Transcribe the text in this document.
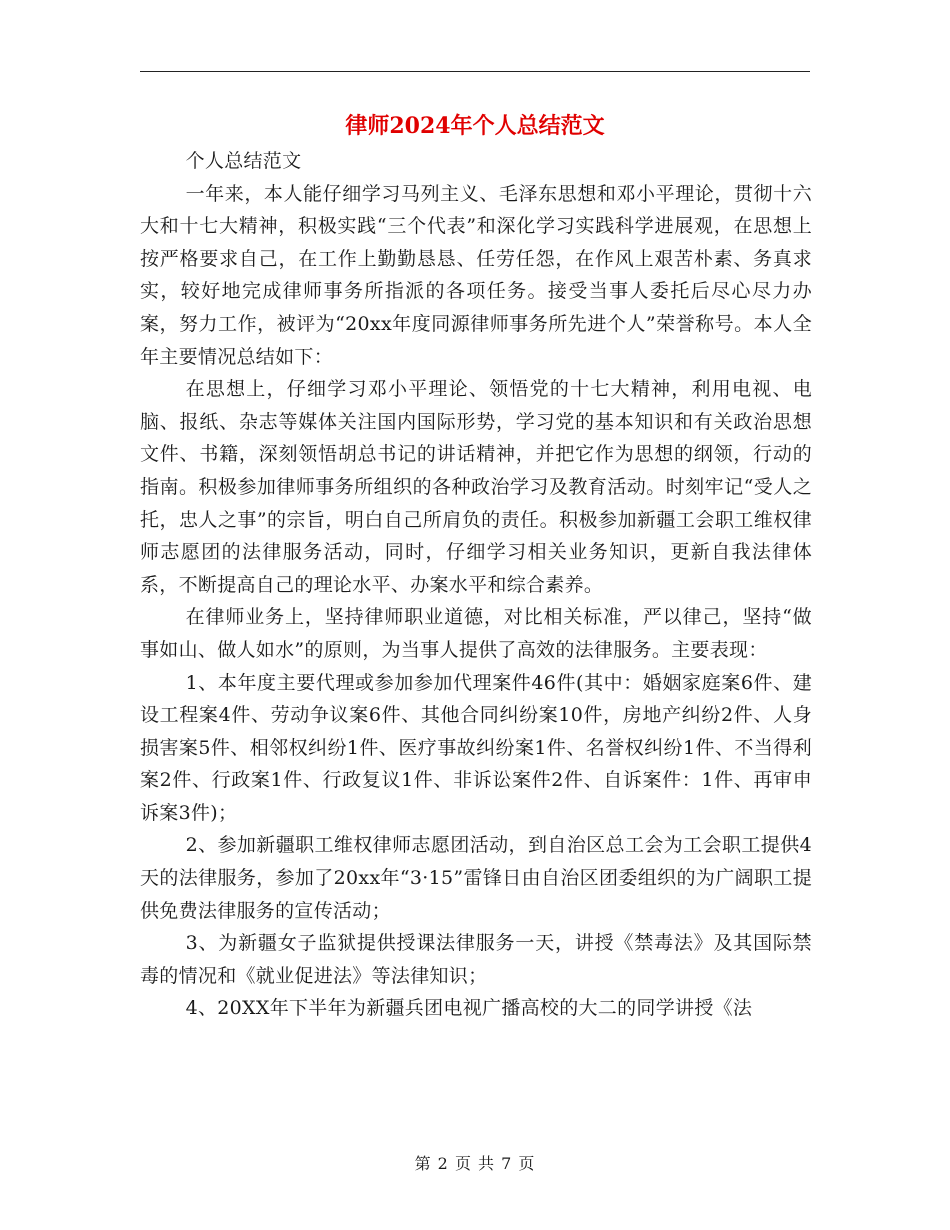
律师2024年个人总结范文

个人总结范文

一年来，本人能仔细学习马列主义、毛泽东思想和邓小平理论，贯彻十六大和十七大精神，积极实践“三个代表”和深化学习实践科学进展观，在思想上按严格要求自己，在工作上勤勤恳恳、任劳任怨，在作风上艰苦朴素、务真求实，较好地完成律师事务所指派的各项任务。接受当事人委托后尽心尽力办案，努力工作，被评为“20xx年度同源律师事务所先进个人”荣誉称号。本人全年主要情况总结如下：

在思想上，仔细学习邓小平理论、领悟党的十七大精神，利用电视、电脑、报纸、杂志等媒体关注国内国际形势，学习党的基本知识和有关政治思想文件、书籍，深刻领悟胡总书记的讲话精神，并把它作为思想的纲领，行动的指南。积极参加律师事务所组织的各种政治学习及教育活动。时刻牢记“受人之托，忠人之事”的宗旨，明白自己所肩负的责任。积极参加新疆工会职工维权律师志愿团的法律服务活动，同时，仔细学习相关业务知识，更新自我法律体系，不断提高自己的理论水平、办案水平和综合素养。

在律师业务上，坚持律师职业道德，对比相关标准，严以律己，坚持“做事如山、做人如水”的原则，为当事人提供了高效的法律服务。主要表现：

1、本年度主要代理或参加参加代理案件46件(其中：婚姻家庭案6件、建设工程案4件、劳动争议案6件、其他合同纠纷案10件，房地产纠纷2件、人身损害案5件、相邻权纠纷1件、医疗事故纠纷案1件、名誉权纠纷1件、不当得利案2件、行政案1件、行政复议1件、非诉讼案件2件、自诉案件：1件、再审申诉案3件)；

2、参加新疆职工维权律师志愿团活动，到自治区总工会为工会职工提供4天的法律服务，参加了20xx年“3·15”雷锋日由自治区团委组织的为广阔职工提供免费法律服务的宣传活动；

3、为新疆女子监狱提供授课法律服务一天，讲授《禁毒法》及其国际禁毒的情况和《就业促进法》等法律知识；

4、20XX年下半年为新疆兵团电视广播高校的大二的同学讲授《法

第 2 页 共 7 页
